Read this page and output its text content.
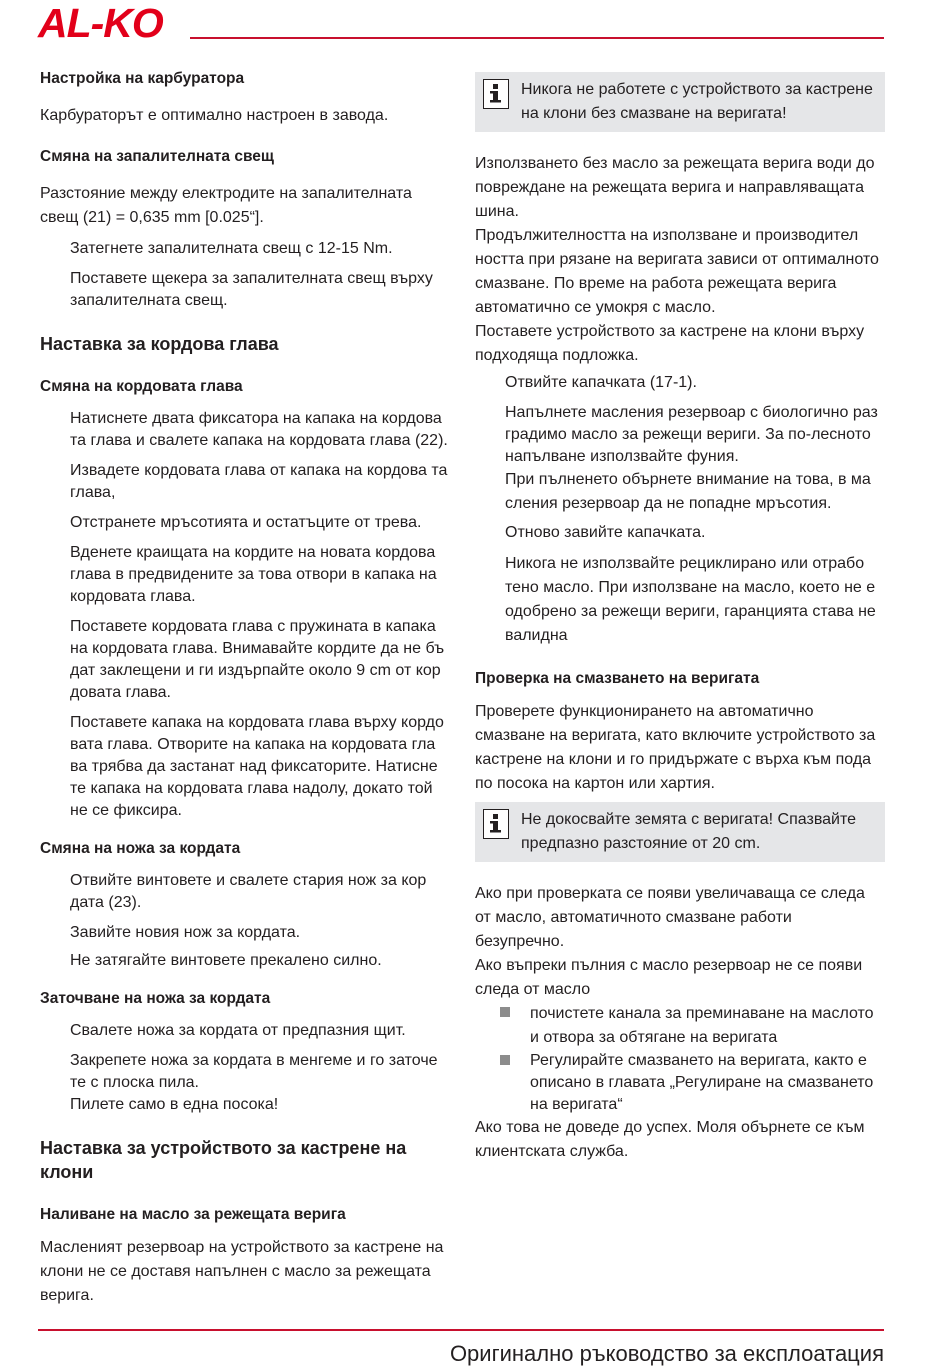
AL-KO

Настройка на карбуратора

Карбураторът е оптимално настроен в завода.

Смяна на запалителната свещ

Разстояние между електродите на запалителната свещ (21) = 0,635 mm [0.025“].

Затегнете запалителната свещ с 12-15 Nm.

Поставете щекера за запалителната свещ върху запалителната свещ.

Наставка за кордова глава

Смяна на кордовата глава

Натиснете двата фиксатора на капака на кордова та глава и свалете капака на кордовата глава (22).

Извадете кордовата глава от капака на кордова та глава,

Отстранете мръсотията и остатъците от трева.

Вденете краищата на кордите на новата кордова глава в предвидените за това отвори в капака на кордовата глава.

Поставете кордовата глава с пружината в капака на кордовата глава. Внимавайте кордите да не бъ дат заклещени и ги издърпайте около 9 cm от кор довата глава.

Поставете капака на кордовата глава върху кордо вата глава. Отворите на капака на кордовата гла ва трябва да застанат над фиксаторите. Натисне те капака на кордовата глава надолу, докато той не се фиксира.

Смяна на ножа за кордата

Отвийте винтовете и свалете стария нож за кор дата (23).

Завийте новия нож за кордата.

Не затягайте винтовете прекалено силно.

Заточване на ножа за кордата

Свалете ножа за кордата от предпазния щит.

Закрепете ножа за кордата в менгеме и го заточе те с плоска пила.

Пилете само в една посока!

Наставка за устройството за кастрене на клони

Наливане на масло за режещата верига

Масленият резервоар на устройството за кастрене на клони не се доставя напълнен с масло за режещата верига.

Никога не работете с устройството за кастрене на клони без смазване на веригата!

Използването без масло за режещата верига води до повреждане на режещата верига и направляващата шина.

Продължителността на използване и производител ността при рязане на веригата зависи от оптималното смазване. По време на работа режещата верига автоматично се умокря с масло.

Поставете устройството за кастрене на клони върху подходяща подложка.

Отвийте капачката (17-1).

Напълнете масления резервоар с биологично раз градимо масло за режещи вериги. За по-лесното напълване използвайте фуния.

При пълненето обърнете внимание на това, в ма сления резервоар да не попадне мръсотия.

Отново завийте капачката.

Никога не използвайте рециклирано или отрабо тено масло. При използване на масло, което не е одобрено за режещи вериги, гаранцията става не валидна

Проверка на смазването на веригата

Проверете функционирането на автоматично смазване на веригата, като включите устройството за кастрене на клони и го придържате с върха към пода по посока на картон или хартия.

Не докосвайте земята с веригата! Спазвайте предпазно разстояние от 20 cm.

Ако при проверката се появи увеличаваща се следа от масло, автоматичното смазване работи безупречно.

Ако въпреки пълния с масло резервоар не се появи следа от масло

почистете канала за преминаване на маслото и отвора за обтягане на веригата
Регулирайте смазването на веригата, както е описано в главата „Регулиране на смазването на веригата“

Ако това не доведе до успех. Моля обърнете се към клиентската служба.

Оригинално ръководство за експлоатация
